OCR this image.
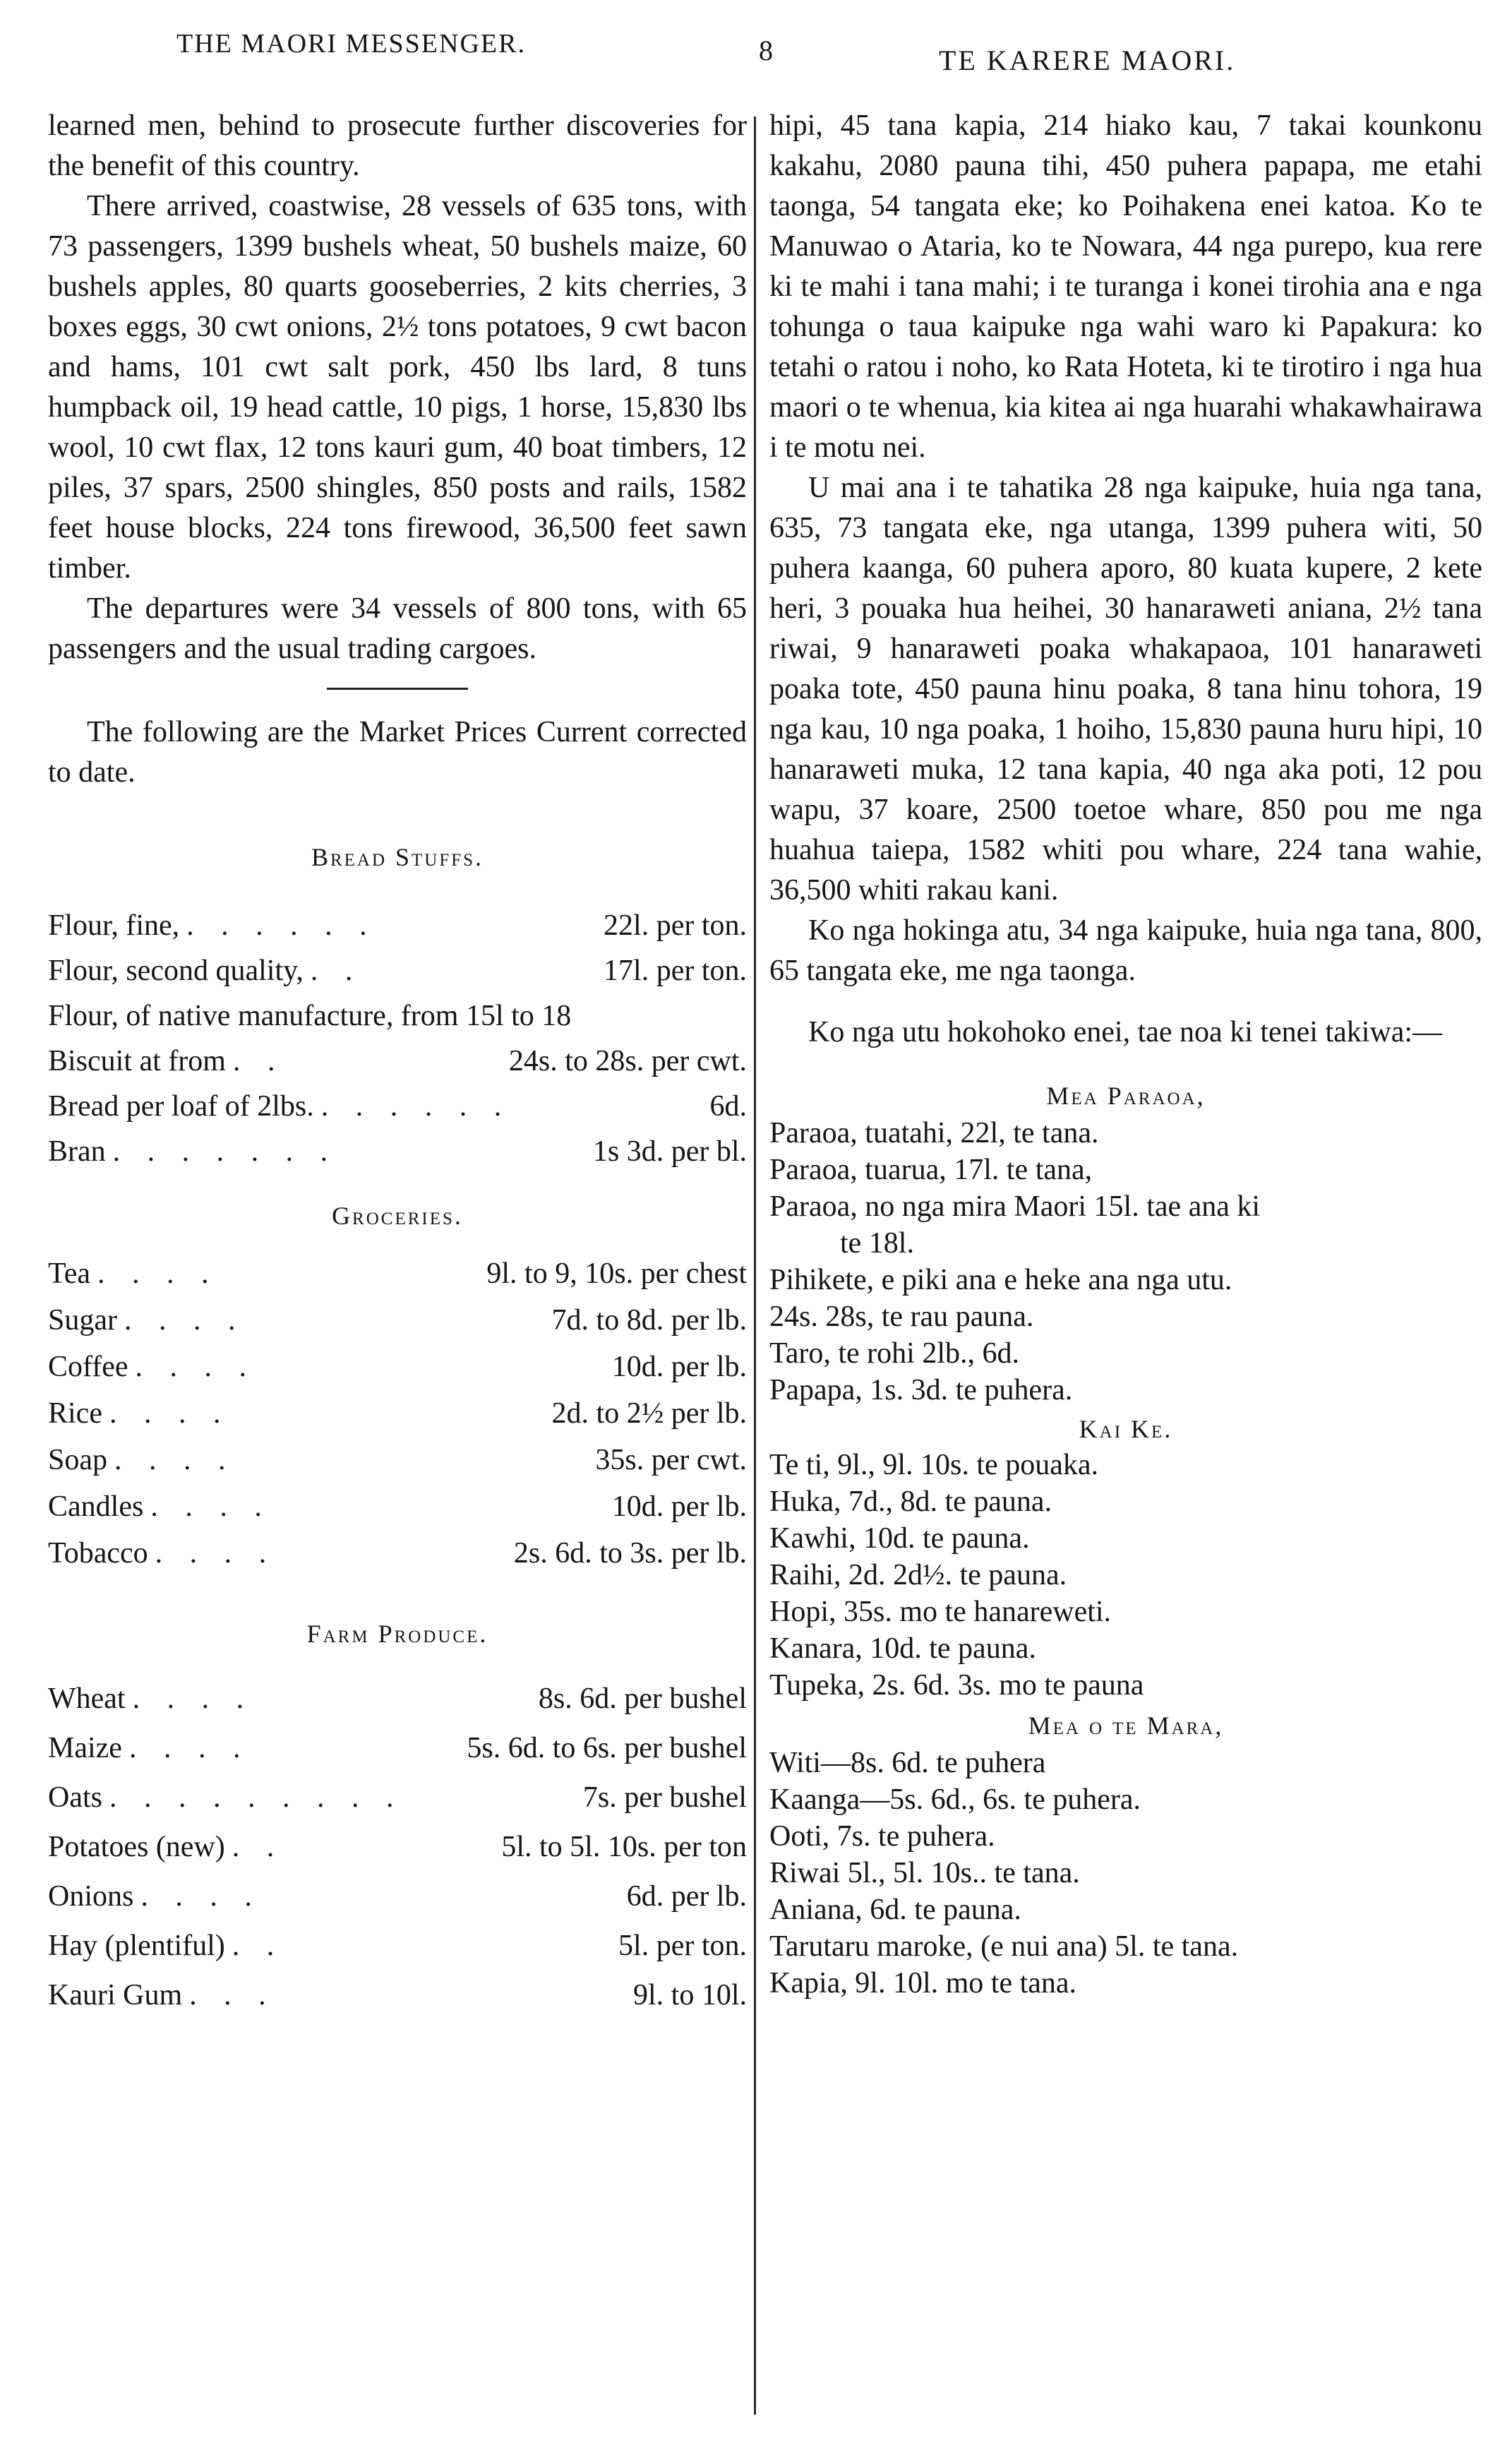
THE MAORI MESSENGER.	8	TE KARERE MAORI.

learned men, behind to prosecute further discoveries for the benefit of this country.

There arrived, coastwise, 28 vessels of 635 tons, with 73 passengers, 1399 bushels wheat, 50 bushels maize, 60 bushels apples, 80 quarts gooseberries, 2 kits cherries, 3 boxes eggs, 30 cwt onions, 2½ tons potatoes, 9 cwt bacon and hams, 101 cwt salt pork, 450 lbs lard, 8 tuns humpback oil, 19 head cattle, 10 pigs, 1 horse, 15,830 lbs wool, 10 cwt flax, 12 tons kauri gum, 40 boat timbers, 12 piles, 37 spars, 2500 shingles, 850 posts and rails, 1582 feet house blocks, 224 tons firewood, 36,500 feet sawn timber.

The departures were 34 vessels of 800 tons, with 65 passengers and the usual trading cargoes.

The following are the Market Prices Current corrected to date.

Bread Stuffs.

Flour, fine, . . . . . .	22l. per ton.
Flour, second quality, . .	17l. per ton.
Flour, of native manufacture, from 15l to 18
Biscuit at from . .	24s. to 28s. per cwt.
Bread per loaf of 2lbs. . . . . . .	6d.
Bran . . . . . . .	1s 3d. per bl.

Groceries.

Tea . . . .	9l. to 9, 10s. per chest
Sugar . . . .	7d. to 8d. per lb.
Coffee . . . .	10d. per lb.
Rice . . . .	2d. to 2½ per lb.
Soap . . . .	35s. per cwt.
Candles . . . .	10d. per lb.
Tobacco . . . .	2s. 6d. to 3s. per lb.

Farm Produce.

Wheat . . . .	8s. 6d. per bushel
Maize . . . .	5s. 6d. to 6s. per bushel
Oats . . . . . . . . .	7s. per bushel
Potatoes (new) . .	5l. to 5l. 10s. per ton
Onions . . . .	6d. per lb.
Hay (plentiful) . .	5l. per ton.
Kauri Gum . . .	9l. to 10l.

hipi, 45 tana kapia, 214 hiako kau, 7 takai kounkonu kakahu, 2080 pauna tihi, 450 puhera papapa, me etahi taonga, 54 tangata eke; ko Poihakena enei katoa. Ko te Manuwao o Ataria, ko te Nowara, 44 nga purepo, kua rere ki te mahi i tana mahi; i te turanga i konei tirohia ana e nga tohunga o taua kaipuke nga wahi waro ki Papakura: ko tetahi o ratou i noho, ko Rata Hoteta, ki te tirotiro i nga hua maori o te whenua, kia kitea ai nga huarahi whakawhairawa i te motu nei.

U mai ana i te tahatika 28 nga kaipuke, huia nga tana, 635, 73 tangata eke, nga utanga, 1399 puhera witi, 50 puhera kaanga, 60 puhera aporo, 80 kuata kupere, 2 kete heri, 3 pouaka hua heihei, 30 hanaraweti aniana, 2½ tana riwai, 9 hanaraweti poaka whakapaoa, 101 hanaraweti poaka tote, 450 pauna hinu poaka, 8 tana hinu tohora, 19 nga kau, 10 nga poaka, 1 hoiho, 15,830 pauna huru hipi, 10 hanaraweti muka, 12 tana kapia, 40 nga aka poti, 12 pou wapu, 37 koare, 2500 toetoe whare, 850 pou me nga huahua taiepa, 1582 whiti pou whare, 224 tana wahie, 36,500 whiti rakau kani.

Ko nga hokinga atu, 34 nga kaipuke, huia nga tana, 800, 65 tangata eke, me nga taonga.

Ko nga utu hokohoko enei, tae noa ki tenei takiwa:—

Mea Paraoa,

Paraoa, tuatahi, 22l, te tana.
Paraoa, tuarua, 17l. te tana,
Paraoa, no nga mira Maori 15l. tae ana ki
te 18l.
Pihikete, e piki ana e heke ana nga utu.
24s. 28s, te rau pauna.
Taro, te rohi 2lb., 6d.
Papapa, 1s. 3d. te puhera.

Kai Ke.

Te ti, 9l., 9l. 10s. te pouaka.
Huka, 7d., 8d. te pauna.
Kawhi, 10d. te pauna.
Raihi, 2d. 2d½. te pauna.
Hopi, 35s. mo te hanareweti.
Kanara, 10d. te pauna.
Tupeka, 2s. 6d. 3s. mo te pauna

Mea o te Mara,

Witi—8s. 6d. te puhera
Kaanga—5s. 6d., 6s. te puhera.
Ooti, 7s. te puhera.
Riwai 5l., 5l. 10s.. te tana.
Aniana, 6d. te pauna.
Tarutaru maroke, (e nui ana) 5l. te tana.
Kapia, 9l. 10l. mo te tana.
